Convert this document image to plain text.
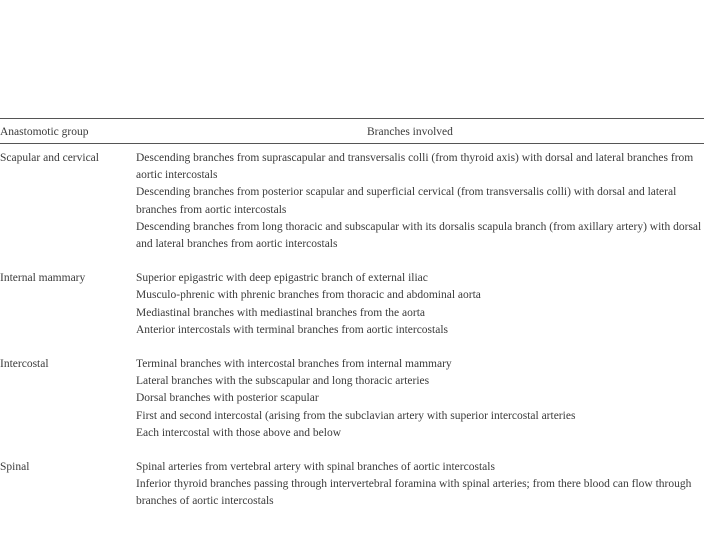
Anastomotic group	Branches involved
Scapular and cervical	Descending branches from suprascapular and transversalis colli (from thyroid axis) with dorsal and lateral branches from aortic intercostals
Descending branches from posterior scapular and superficial cervical (from transversalis colli) with dorsal and lateral branches from aortic intercostals
Descending branches from long thoracic and subscapular with its dorsalis scapula branch (from axillary artery) with dorsal and lateral branches from aortic intercostals
Internal mammary	Superior epigastric with deep epigastric branch of external iliac
Musculo-phrenic with phrenic branches from thoracic and abdominal aorta
Mediastinal branches with mediastinal branches from the aorta
Anterior intercostals with terminal branches from aortic intercostals
Intercostal	Terminal branches with intercostal branches from internal mammary
Lateral branches with the subscapular and long thoracic arteries
Dorsal branches with posterior scapular
First and second intercostal (arising from the subclavian artery with superior intercostal arteries
Each intercostal with those above and below
Spinal	Spinal arteries from vertebral artery with spinal branches of aortic intercostals
Inferior thyroid branches passing through intervertebral foramina with spinal arteries; from there blood can flow through branches of aortic intercostals
